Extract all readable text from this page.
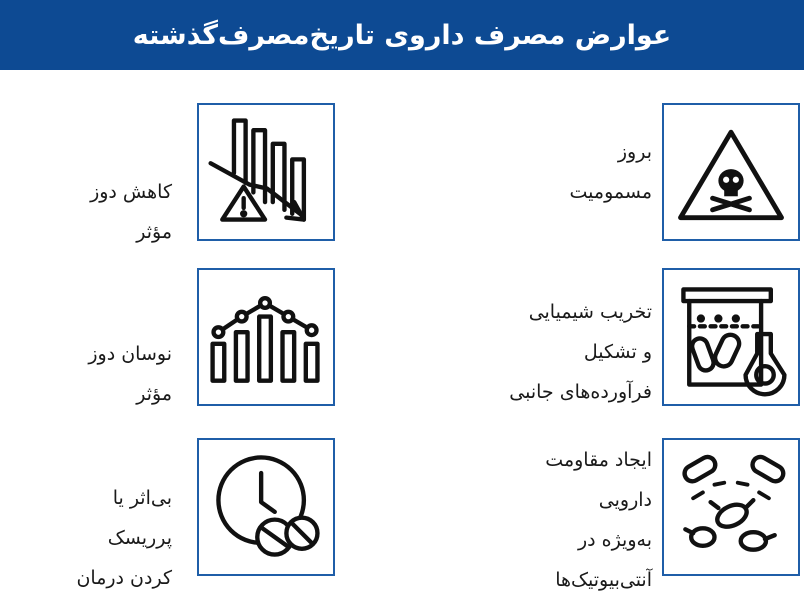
عوارض مصرف داروی تاریخ‌مصرف‌گذشته
بروز
مسمومیت
تخریب شیمیایی
و تشکیل
فرآورده‌های جانبی
ایجاد مقاومت
دارویی
به‌ویژه در
آنتی‌بیوتیک‌ها
کاهش دوز
مؤثر
نوسان دوز
مؤثر
بی‌اثر یا
پرریسک
کردن درمان
